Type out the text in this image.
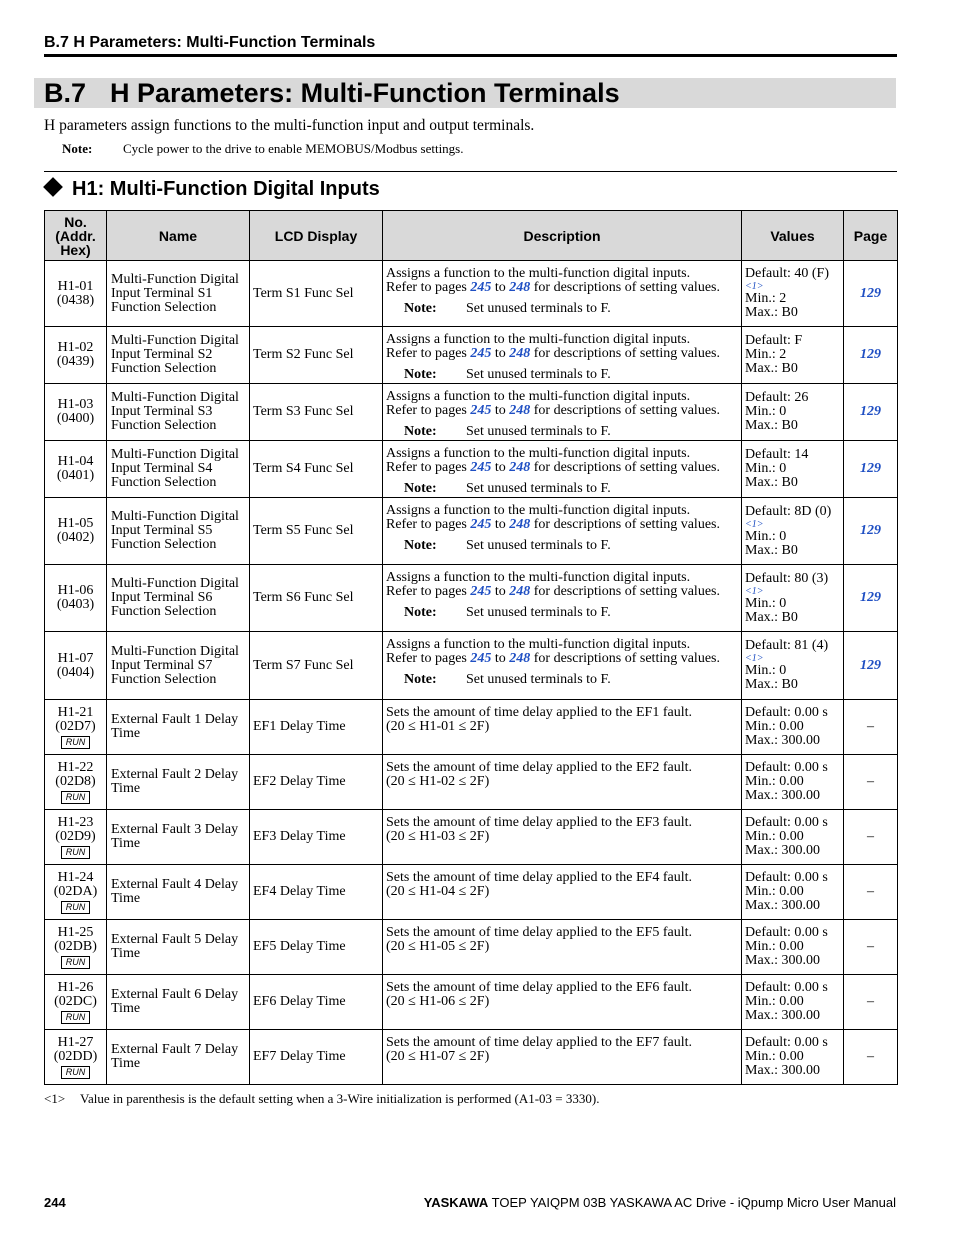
B.7 H Parameters: Multi-Function Terminals
B.7 H Parameters: Multi-Function Terminals
H parameters assign functions to the multi-function input and output terminals.
Note: Cycle power to the drive to enable MEMOBUS/Modbus settings.
H1: Multi-Function Digital Inputs
No.
(Addr.
Hex)	Name	LCD Display	Description	Values	Page

H1-01
(0438)	Multi-Function Digital
Input Terminal S1
Function Selection	Term S1 Func Sel	Assigns a function to the multi-function digital inputs.
Refer to pages 245 to 248 for descriptions of setting values.
Note: Set unused terminals to F.	Default: 40 (F)
<1>
Min.: 2
Max.: B0	129

H1-02
(0439)	Multi-Function Digital
Input Terminal S2
Function Selection	Term S2 Func Sel	Assigns a function to the multi-function digital inputs.
Refer to pages 245 to 248 for descriptions of setting values.
Note: Set unused terminals to F.	Default: F
Min.: 2
Max.: B0	129

H1-03
(0400)	Multi-Function Digital
Input Terminal S3
Function Selection	Term S3 Func Sel	Assigns a function to the multi-function digital inputs.
Refer to pages 245 to 248 for descriptions of setting values.
Note: Set unused terminals to F.	Default: 26
Min.: 0
Max.: B0	129

H1-04
(0401)	Multi-Function Digital
Input Terminal S4
Function Selection	Term S4 Func Sel	Assigns a function to the multi-function digital inputs.
Refer to pages 245 to 248 for descriptions of setting values.
Note: Set unused terminals to F.	Default: 14
Min.: 0
Max.: B0	129

H1-05
(0402)	Multi-Function Digital
Input Terminal S5
Function Selection	Term S5 Func Sel	Assigns a function to the multi-function digital inputs.
Refer to pages 245 to 248 for descriptions of setting values.
Note: Set unused terminals to F.	Default: 8D (0)
<1>
Min.: 0
Max.: B0	129

H1-06
(0403)	Multi-Function Digital
Input Terminal S6
Function Selection	Term S6 Func Sel	Assigns a function to the multi-function digital inputs.
Refer to pages 245 to 248 for descriptions of setting values.
Note: Set unused terminals to F.	Default: 80 (3)
<1>
Min.: 0
Max.: B0	129

H1-07
(0404)	Multi-Function Digital
Input Terminal S7
Function Selection	Term S7 Func Sel	Assigns a function to the multi-function digital inputs.
Refer to pages 245 to 248 for descriptions of setting values.
Note: Set unused terminals to F.	Default: 81 (4)
<1>
Min.: 0
Max.: B0	129

H1-21
(02D7)
RUN	External Fault 1 Delay
Time	EF1 Delay Time	Sets the amount of time delay applied to the EF1 fault.
(20 ≤ H1-01 ≤ 2F)	Default: 0.00 s
Min.: 0.00
Max.: 300.00	–

H1-22
(02D8)
RUN	External Fault 2 Delay
Time	EF2 Delay Time	Sets the amount of time delay applied to the EF2 fault.
(20 ≤ H1-02 ≤ 2F)	Default: 0.00 s
Min.: 0.00
Max.: 300.00	–

H1-23
(02D9)
RUN	External Fault 3 Delay
Time	EF3 Delay Time	Sets the amount of time delay applied to the EF3 fault.
(20 ≤ H1-03 ≤ 2F)	Default: 0.00 s
Min.: 0.00
Max.: 300.00	–

H1-24
(02DA)
RUN	External Fault 4 Delay
Time	EF4 Delay Time	Sets the amount of time delay applied to the EF4 fault.
(20 ≤ H1-04 ≤ 2F)	Default: 0.00 s
Min.: 0.00
Max.: 300.00	–

H1-25
(02DB)
RUN	External Fault 5 Delay
Time	EF5 Delay Time	Sets the amount of time delay applied to the EF5 fault.
(20 ≤ H1-05 ≤ 2F)	Default: 0.00 s
Min.: 0.00
Max.: 300.00	–

H1-26
(02DC)
RUN	External Fault 6 Delay
Time	EF6 Delay Time	Sets the amount of time delay applied to the EF6 fault.
(20 ≤ H1-06 ≤ 2F)	Default: 0.00 s
Min.: 0.00
Max.: 300.00	–

H1-27
(02DD)
RUN	External Fault 7 Delay
Time	EF7 Delay Time	Sets the amount of time delay applied to the EF7 fault.
(20 ≤ H1-07 ≤ 2F)	Default: 0.00 s
Min.: 0.00
Max.: 300.00	–
<1> Value in parenthesis is the default setting when a 3-Wire initialization is performed (A1-03 = 3330).
244	YASKAWA TOEP YAIQPM 03B YASKAWA AC Drive - iQpump Micro User Manual
